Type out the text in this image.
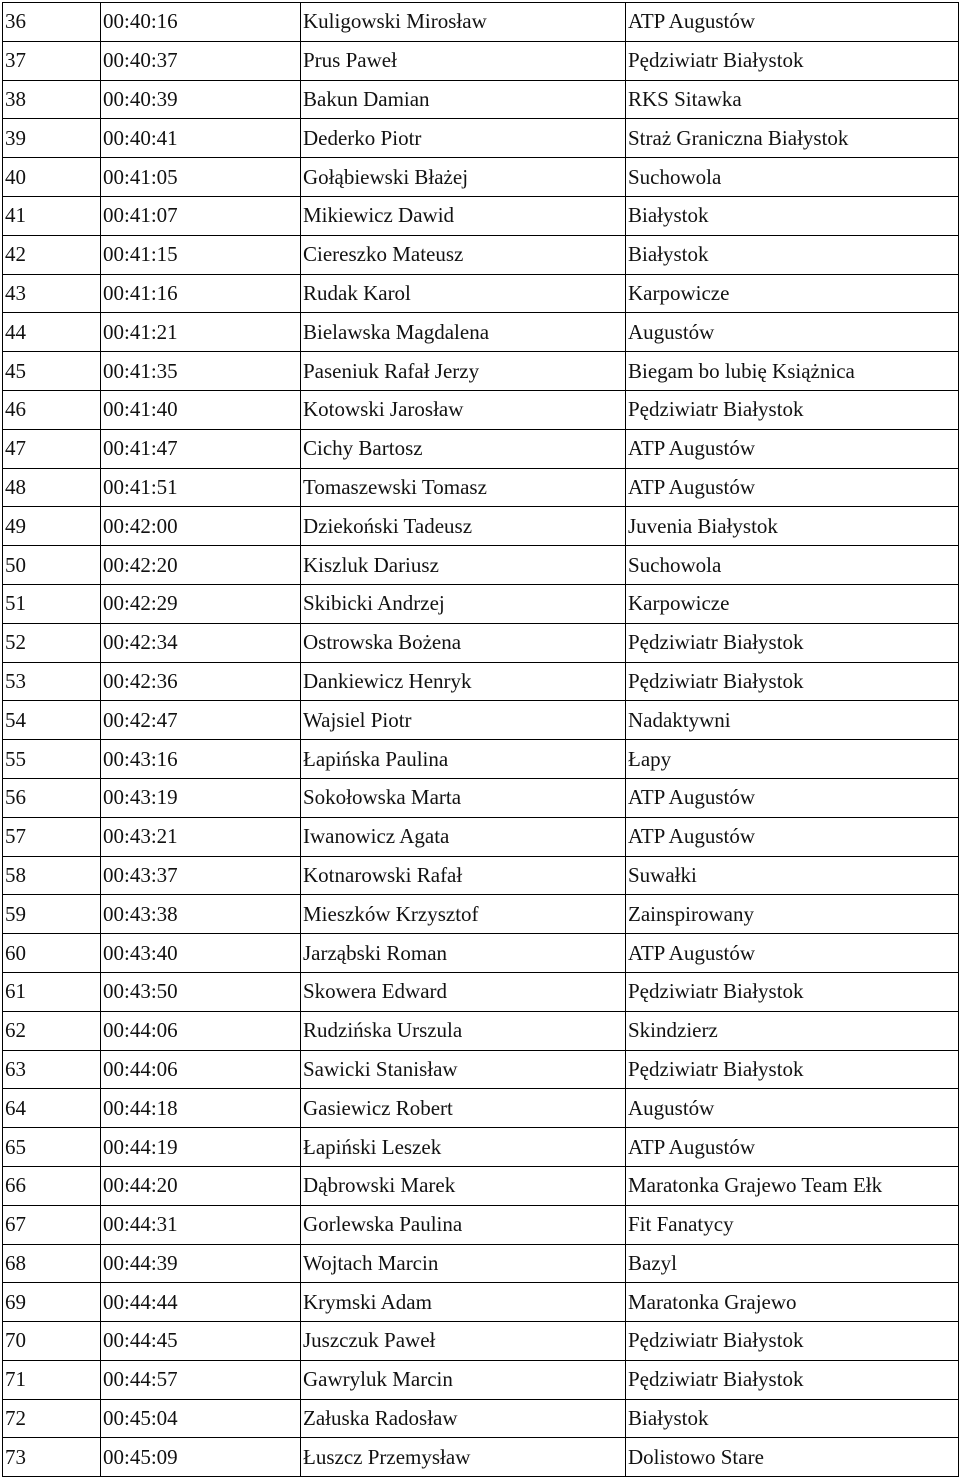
36	00:40:16	Kuligowski Mirosław	ATP Augustów
37	00:40:37	Prus Paweł	Pędziwiatr Białystok
38	00:40:39	Bakun Damian	RKS Sitawka
39	00:40:41	Dederko Piotr	Straż Graniczna Białystok
40	00:41:05	Gołąbiewski Błażej	Suchowola
41	00:41:07	Mikiewicz Dawid	Białystok
42	00:41:15	Ciereszko Mateusz	Białystok
43	00:41:16	Rudak Karol	Karpowicze
44	00:41:21	Bielawska Magdalena	Augustów
45	00:41:35	Paseniuk Rafał Jerzy	Biegam bo lubię Książnica
46	00:41:40	Kotowski Jarosław	Pędziwiatr Białystok
47	00:41:47	Cichy Bartosz	ATP Augustów
48	00:41:51	Tomaszewski Tomasz	ATP Augustów
49	00:42:00	Dziekoński Tadeusz	Juvenia Białystok
50	00:42:20	Kiszluk Dariusz	Suchowola
51	00:42:29	Skibicki Andrzej	Karpowicze
52	00:42:34	Ostrowska Bożena	Pędziwiatr Białystok
53	00:42:36	Dankiewicz Henryk	Pędziwiatr Białystok
54	00:42:47	Wajsiel Piotr	Nadaktywni
55	00:43:16	Łapińska Paulina	Łapy
56	00:43:19	Sokołowska Marta	ATP Augustów
57	00:43:21	Iwanowicz Agata	ATP Augustów
58	00:43:37	Kotnarowski Rafał	Suwałki
59	00:43:38	Mieszków Krzysztof	Zainspirowany
60	00:43:40	Jarząbski Roman	ATP Augustów
61	00:43:50	Skowera Edward	Pędziwiatr Białystok
62	00:44:06	Rudzińska Urszula	Skindzierz
63	00:44:06	Sawicki Stanisław	Pędziwiatr Białystok
64	00:44:18	Gasiewicz Robert	Augustów
65	00:44:19	Łapiński Leszek	ATP Augustów
66	00:44:20	Dąbrowski Marek	Maratonka Grajewo Team Ełk
67	00:44:31	Gorlewska Paulina	Fit Fanatycy
68	00:44:39	Wojtach Marcin	Bazyl
69	00:44:44	Krymski Adam	Maratonka Grajewo
70	00:44:45	Juszczuk Paweł	Pędziwiatr Białystok
71	00:44:57	Gawryluk Marcin	Pędziwiatr Białystok
72	00:45:04	Załuska Radosław	Białystok
73	00:45:09	Łuszcz Przemysław	Dolistowo Stare
